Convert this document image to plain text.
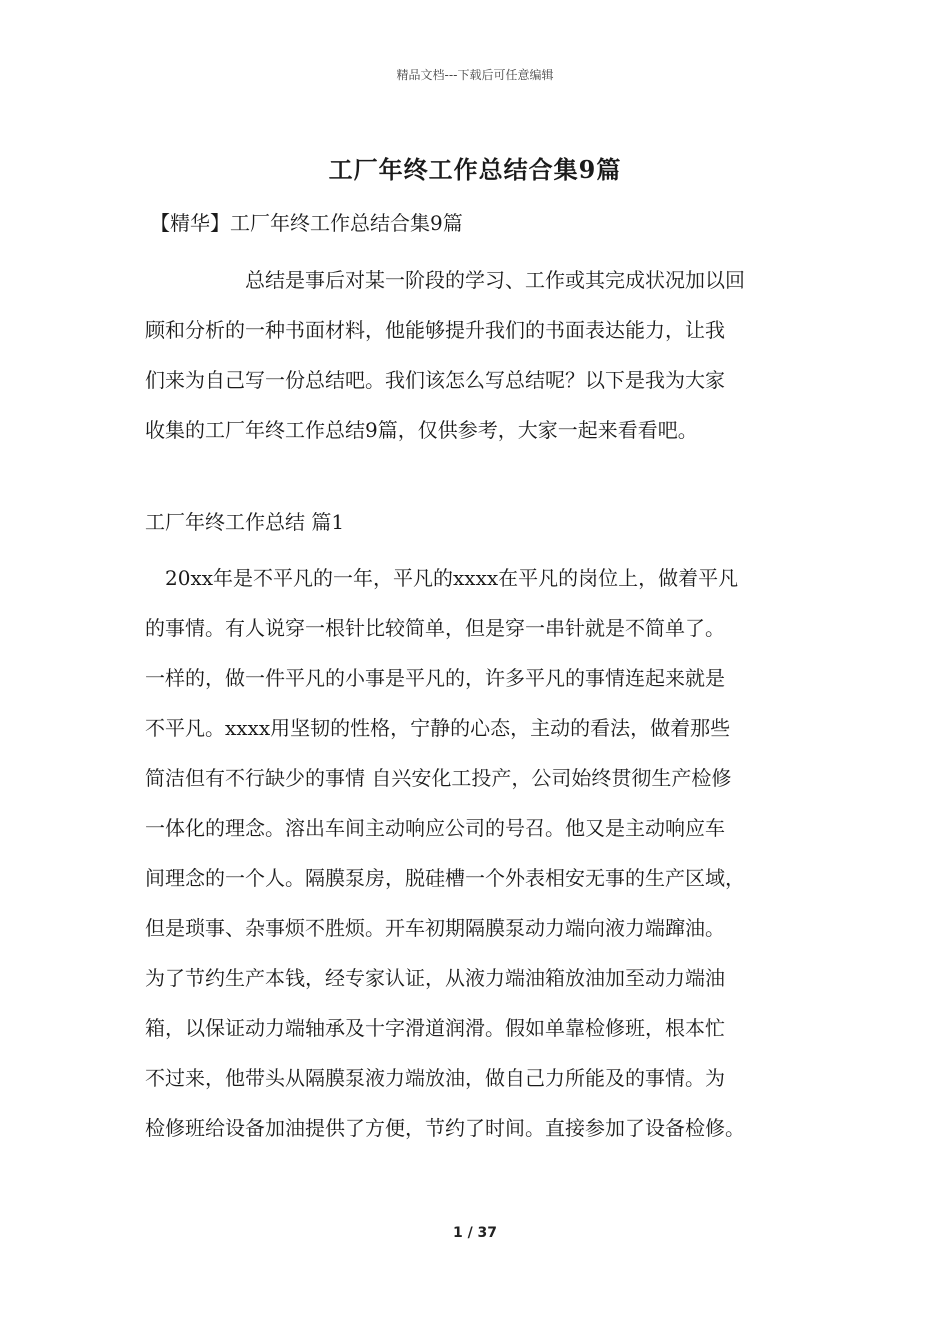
精品文档---下载后可任意编辑
工厂年终工作总结合集9篇
【精华】工厂年终工作总结合集9篇
总结是事后对某一阶段的学习、工作或其完成状况加以回
顾和分析的一种书面材料，他能够提升我们的书面表达能力，让我
们来为自己写一份总结吧。我们该怎么写总结呢？以下是我为大家
收集的工厂年终工作总结9篇，仅供参考，大家一起来看看吧。
工厂年终工作总结 篇1
20xx年是不平凡的一年，平凡的xxxx在平凡的岗位上，做着平凡
的事情。有人说穿一根针比较简单，但是穿一串针就是不简单了。
一样的，做一件平凡的小事是平凡的，许多平凡的事情连起来就是
不平凡。xxxx用坚韧的性格，宁静的心态，主动的看法，做着那些
简洁但有不行缺少的事情 自兴安化工投产，公司始终贯彻生产检修
一体化的理念。溶出车间主动响应公司的号召。他又是主动响应车
间理念的一个人。隔膜泵房，脱硅槽一个外表相安无事的生产区域，
但是琐事、杂事烦不胜烦。开车初期隔膜泵动力端向液力端蹿油。
为了节约生产本钱，经专家认证，从液力端油箱放油加至动力端油
箱，以保证动力端轴承及十字滑道润滑。假如单靠检修班，根本忙
不过来，他带头从隔膜泵液力端放油，做自己力所能及的事情。为
检修班给设备加油提供了方便，节约了时间。直接参加了设备检修。
1 / 37
